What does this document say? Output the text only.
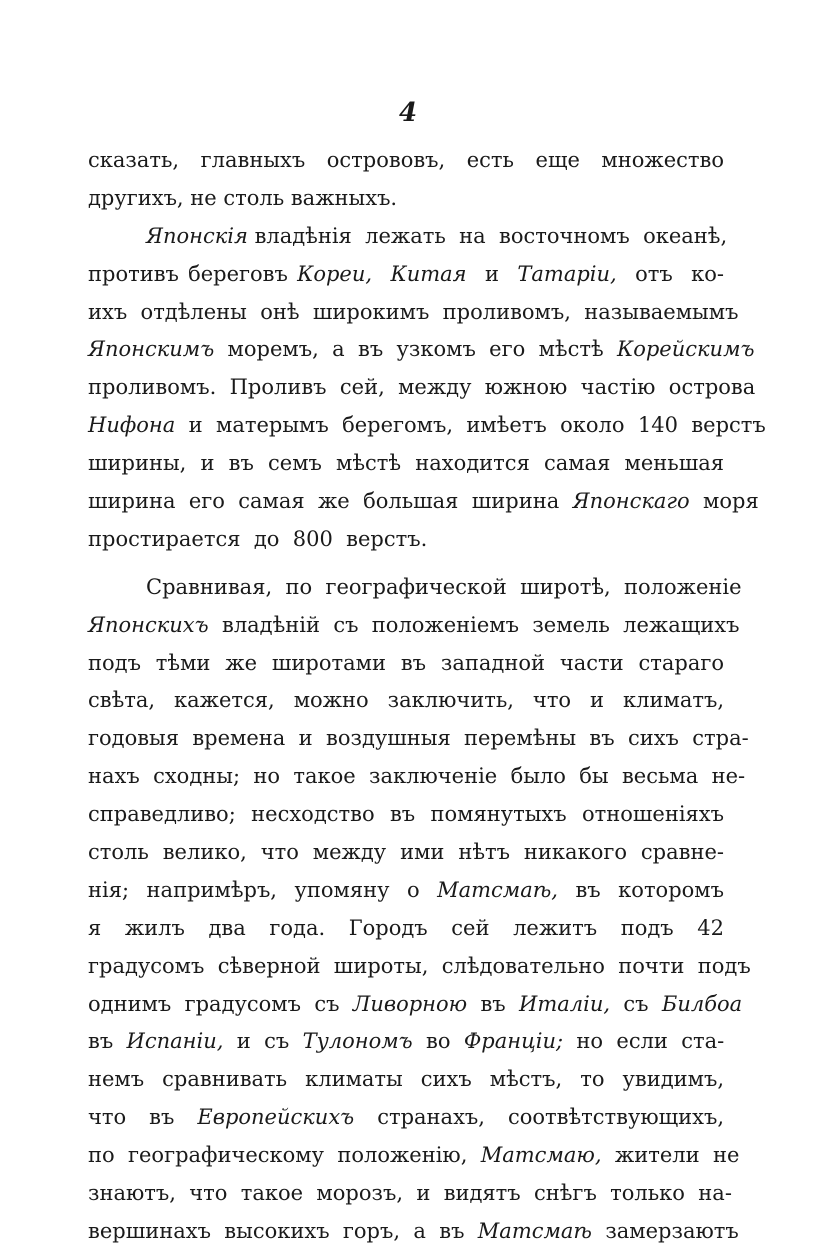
4
сказать,  главныхъ  острововъ,  есть  еще  множество
другихъ, не столь важныхъ.
Японскія владѣнія  лежать  на  восточномъ  океанѣ,
противъ береговъ Кореи, Китая  и  Татаріи,  отъ  ко-
ихъ  отдѣлены  онѣ  широкимъ  проливомъ,  называемымъ
Японскимъ  моремъ,  а  въ  узкомъ  его  мѣстѣ  Корейскимъ
проливомъ.  Проливъ  сей,  между  южною  частію  острова
Нифона  и  матерымъ  берегомъ,  имѣетъ  около  140  верстъ
ширины,  и  въ  семъ  мѣстѣ  находится  самая  меньшая
ширина  его  самая  же  большая  ширина  Японскаго  моря
простирается  до  800  верстъ.
Сравнивая,  по  географической  широтѣ,  положеніе
Японскихъ  владѣній  съ  положеніемъ  земель  лежащихъ
подъ  тѣми  же  широтами  въ  западной  части  стараго
свѣта,  кажется,  можно  заключить,  что  и  климатъ,
годовыя  времена  и  воздушныя  перемѣны  въ  сихъ  стра-
нахъ  сходны;  но  такое  заключеніе  было  бы  весьма  не-
справедливо;  несходство  въ  помянутыхъ  отношеніяхъ
столь  велико,  что  между  ими  нѣтъ  никакого  сравне-
нія;  напримѣръ,  упомяну  о  Матсмаѣ,  въ  которомъ
я  жилъ  два  года.  Городъ  сей  лежитъ  подъ  42
градусомъ  сѣверной  широты,  слѣдовательно  почти  подъ
однимъ  градусомъ  съ  Ливорною  въ  Италіи,  съ  Билбоа
въ  Испаніи,  и  съ  Тулономъ  во  Франціи;  но  если  ста-
немъ  сравнивать  климаты  сихъ  мѣстъ,  то  увидимъ,
что  въ  Европейскихъ  странахъ,  соотвѣтствующихъ,
по  географическому  положенію,  Матсмаю,  жители  не
знаютъ,  что  такое  морозъ,  и  видятъ  снѣгъ  только  на-
вершинахъ  высокихъ  горъ,  а  въ  Матсмаѣ  замерзаютъ
